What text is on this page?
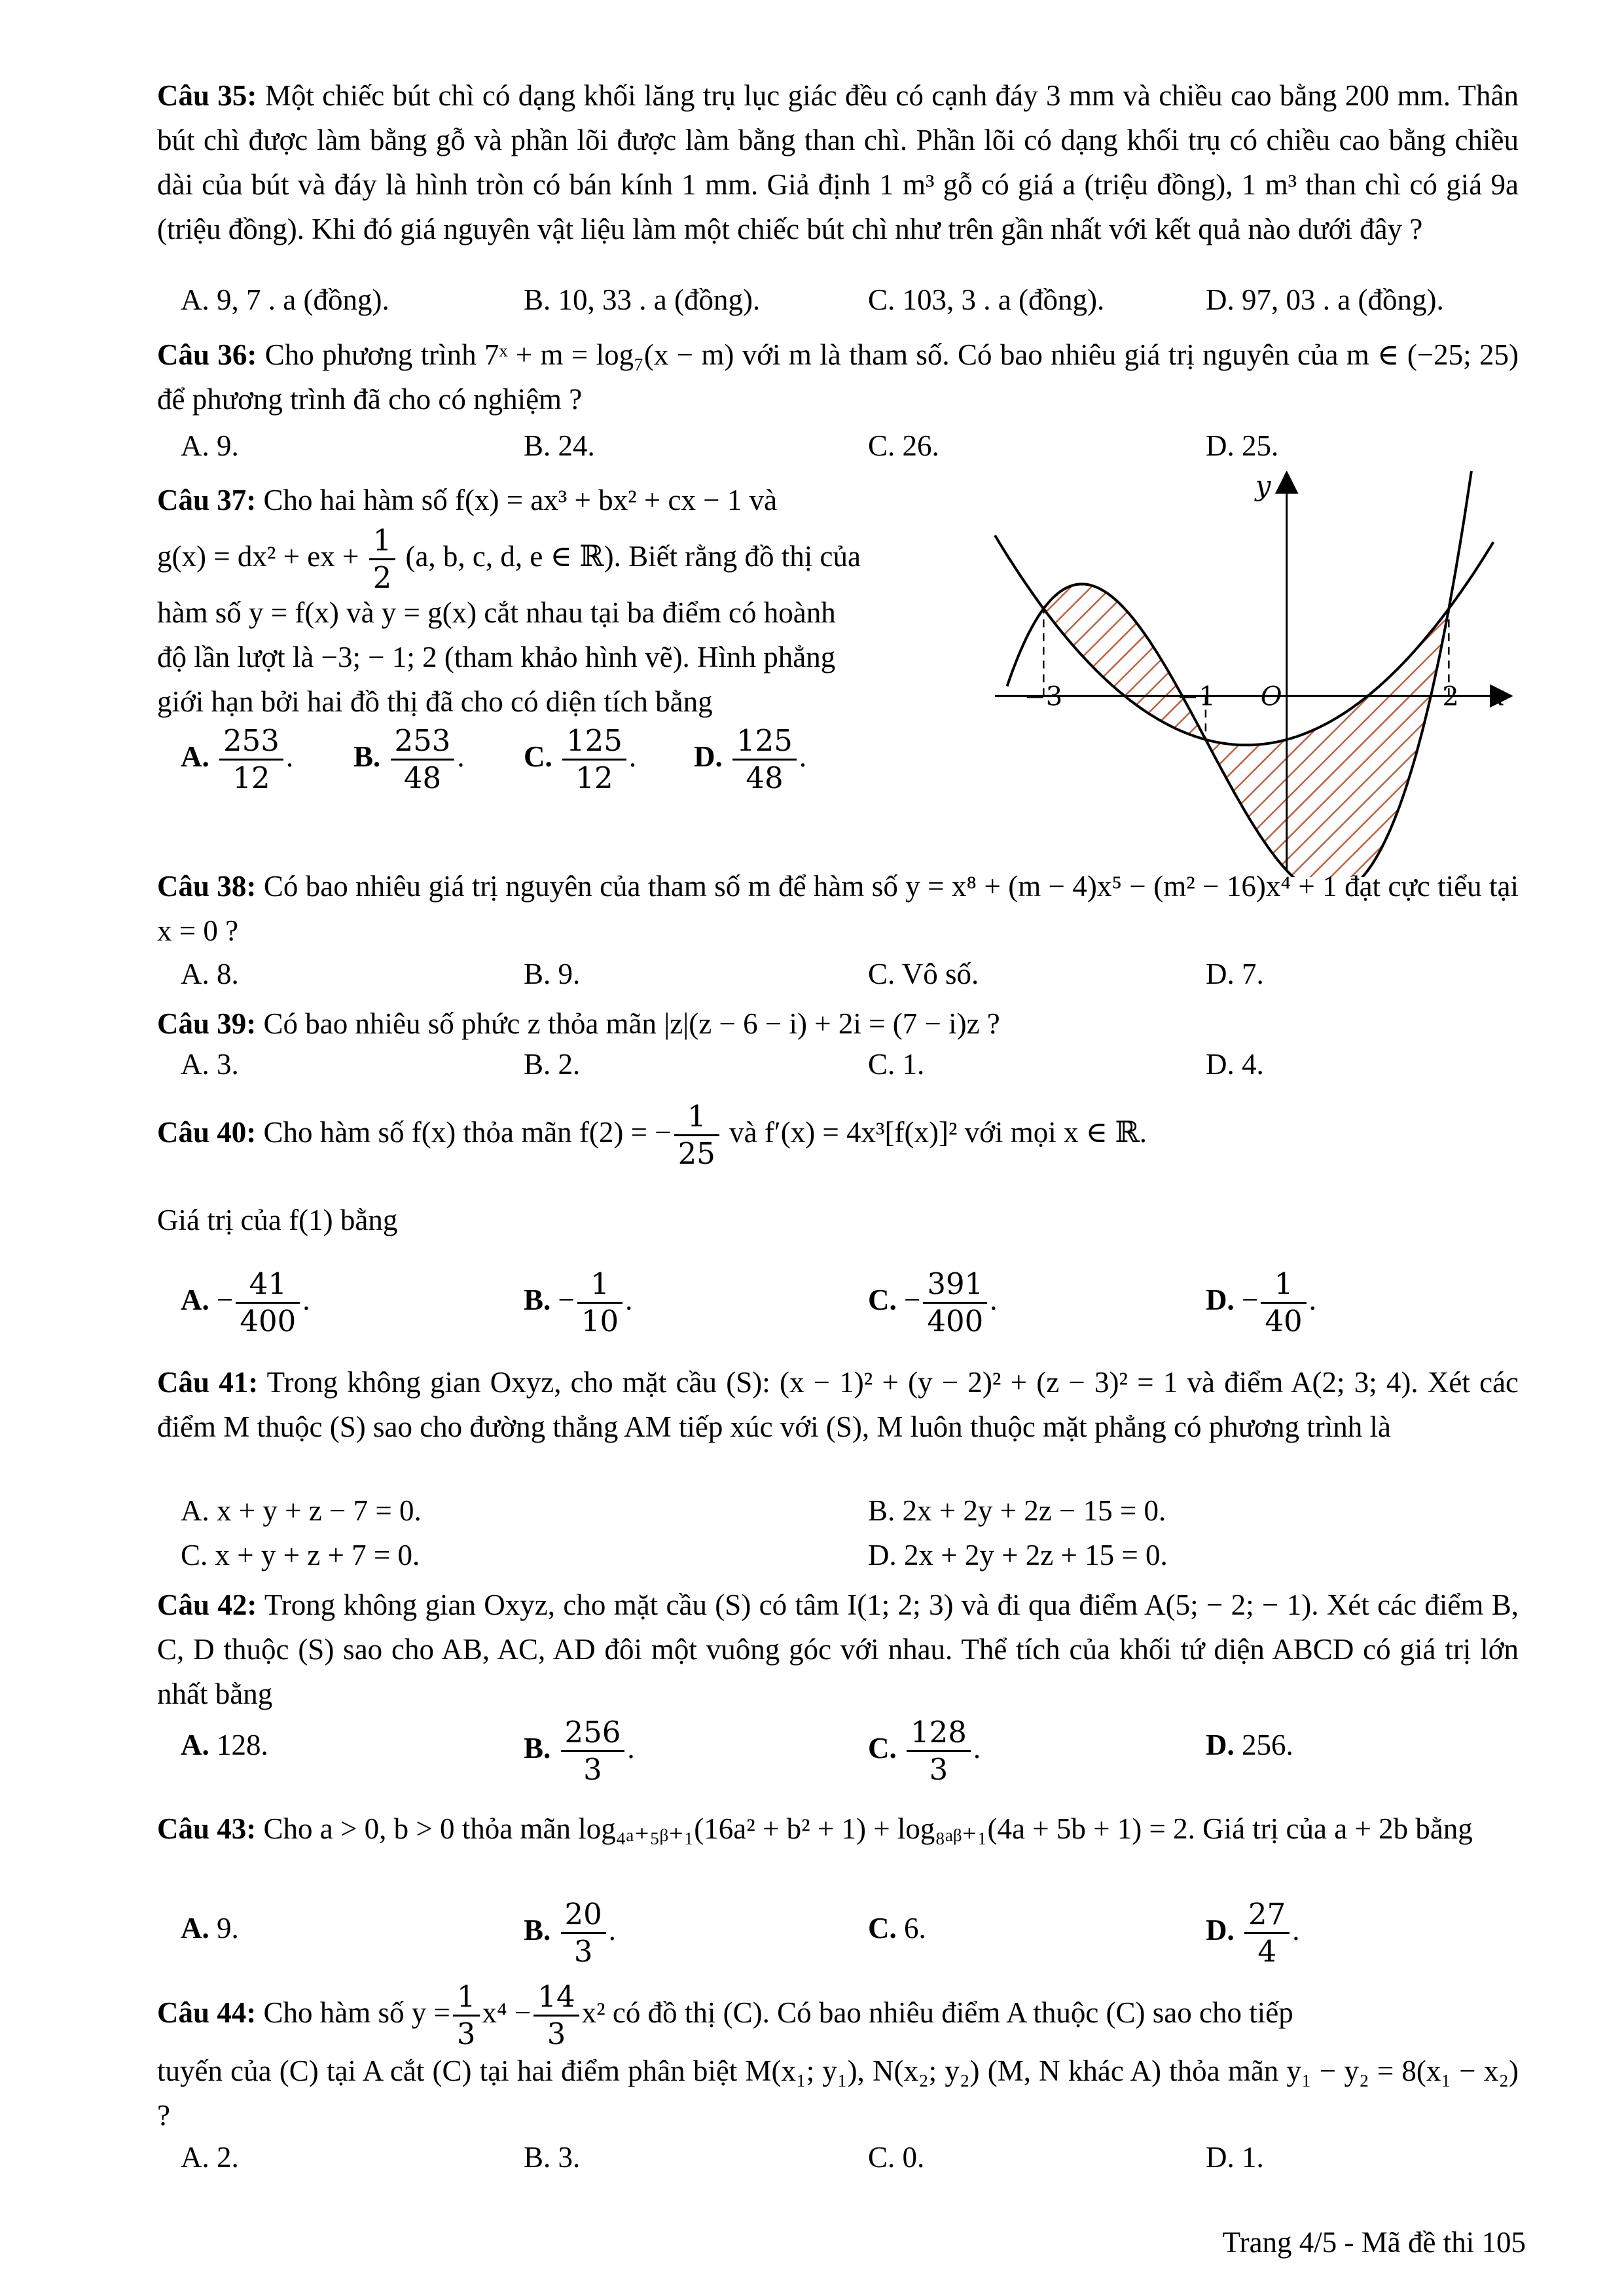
Câu 35: Một chiếc bút chì có dạng khối lăng trụ lục giác đều có cạnh đáy 3 mm và chiều cao bằng 200 mm. Thân bút chì được làm bằng gỗ và phần lõi được làm bằng than chì. Phần lõi có dạng khối trụ có chiều cao bằng chiều dài của bút và đáy là hình tròn có bán kính 1 mm. Giả định 1 m³ gỗ có giá a (triệu đồng), 1 m³ than chì có giá 9a (triệu đồng). Khi đó giá nguyên vật liệu làm một chiếc bút chì như trên gần nhất với kết quả nào dưới đây ?

A. 9, 7 . a (đồng).	B. 10, 33 . a (đồng).	C. 103, 3 . a (đồng).	D. 97, 03 . a (đồng).

Câu 36: Cho phương trình 7ˣ + m = log₇(x − m) với m là tham số. Có bao nhiêu giá trị nguyên của m ∈ (−25; 25) để phương trình đã cho có nghiệm ?

A. 9.	B. 24.	C. 26.	D. 25.

Câu 37: Cho hai hàm số f(x) = ax³ + bx² + cx − 1 và

g(x) = dx² + ex + $\frac{1}{2} (a$, b, c, d, e ∈ ℝ). Biết rằng đồ thị của

hàm số y = f(x) và y = g(x) cắt nhau tại ba điểm có hoành

độ lần lượt là −3; − 1; 2 (tham khảo hình vẽ). Hình phẳng

giới hạn bởi hai đồ thị đã cho có diện tích bằng

A. $\frac{253}{12}$ . B. $\frac{253}{48}$ . C. $\frac{125}{12}$ . D. $\frac{125}{48}$ .
y
x
−3	−1 O	2

Câu 38: Có bao nhiêu giá trị nguyên của tham số m để hàm số y = x⁸ + (m − 4)x⁵ − (m² − 16)x⁴ + 1 đạt cực tiểu tại x = 0 ?

A. 8.	B. 9.	C. Vô số.	D. 7.

Câu 39: Có bao nhiêu số phức z thỏa mãn |z|(z − 6 − i) + 2i = (7 − i)z ?

A. 3.	B. 2.	C. 1.	D. 4.

Câu 40: Cho hàm số f(x) thỏa mãn f(2) = − $\frac{1}{25}$ và f′(x) = 4x³[f(x)]² với mọi x ∈ ℝ.

Giá trị của f(1) bằng

A. − $\frac{41}{400}$ .	B. − $\frac{1}{10}$ .	C. − $\frac{391}{400}$ .	D. − $\frac{1}{40}$ .

Câu 41: Trong không gian Oxyz, cho mặt cầu (S): (x − 1)² + (y − 2)² + (z − 3)² = 1 và điểm A(2; 3; 4). Xét các điểm M thuộc (S) sao cho đường thẳng AM tiếp xúc với (S), M luôn thuộc mặt phẳng có phương trình là

A. x + y + z − 7 = 0.	B. 2x + 2y + 2z − 15 = 0.
C. x + y + z + 7 = 0.	D. 2x + 2y + 2z + 15 = 0.

Câu 42: Trong không gian Oxyz, cho mặt cầu (S) có tâm I(1; 2; 3) và đi qua điểm A(5; − 2; − 1). Xét các điểm B, C, D thuộc (S) sao cho AB, AC, AD đôi một vuông góc với nhau. Thể tích của khối tứ diện ABCD có giá trị lớn nhất bằng

A. 128.	B. $\frac{256}{3}$ .	C. $\frac{128}{3}$ .	D. 256.

Câu 43: Cho a > 0, b > 0 thỏa mãn log₄ₐ₊₅ᵦ₊₁(16a² + b² + 1) + log₈ₐᵦ₊₁(4a + 5b + 1) = 2. Giá trị của a + 2b bằng

A. 9.	B. $\frac{20}{3}$ .	C. 6.	D. $\frac{27}{4}$ .

Câu 44: Cho hàm số $y = \frac{1}{3} x^4 - \frac{14}{3} x^2$ có đồ thị (C). Có bao nhiêu điểm A thuộc (C) sao cho tiếp

tuyến của (C) tại A cắt (C) tại hai điểm phân biệt M(x₁; y₁), N(x₂; y₂) (M, N khác A) thỏa mãn y₁ − y₂ = 8(x₁ − x₂) ?

A. 2.	B. 3.	C. 0.	D. 1.
Trang 4/5 - Mã đề thi 105
